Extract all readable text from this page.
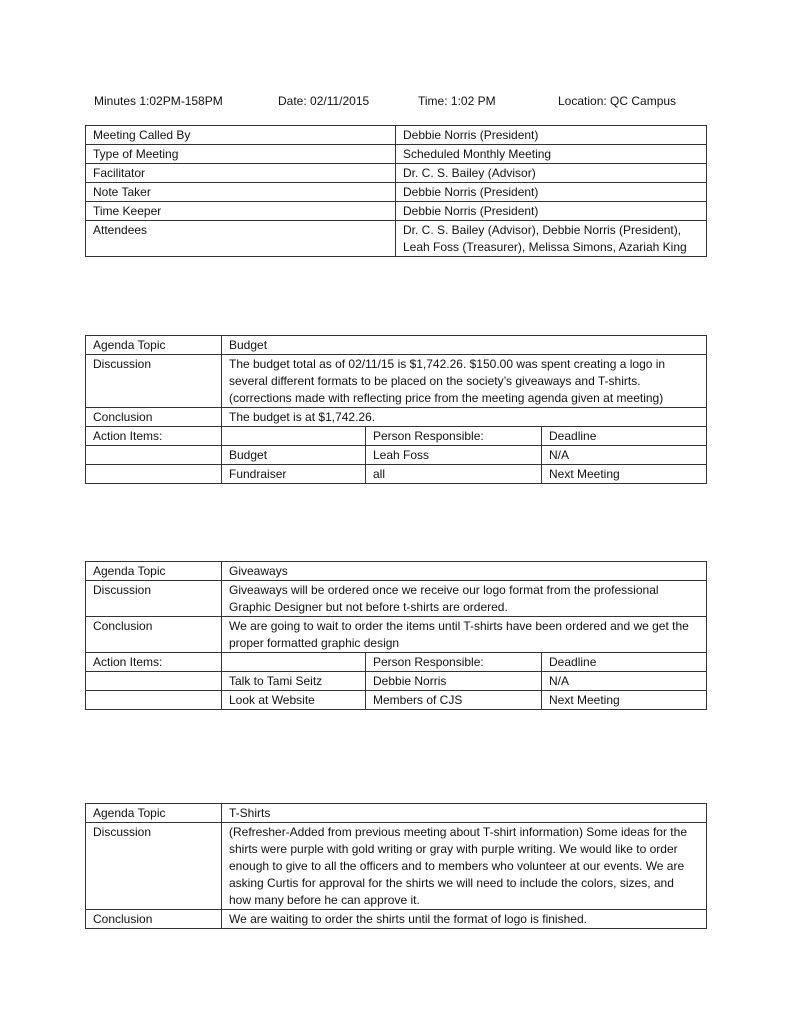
Minutes 1:02PM-158PM	Date: 02/11/2015	Time: 1:02 PM	Location: QC Campus
Meeting Called By	Debbie Norris (President)
Type of Meeting	Scheduled Monthly Meeting
Facilitator	Dr. C. S. Bailey (Advisor)
Note Taker	Debbie Norris (President)
Time Keeper	Debbie Norris (President)
Attendees	Dr. C. S. Bailey (Advisor), Debbie Norris (President), Leah Foss (Treasurer), Melissa Simons, Azariah King
Agenda Topic	Budget		
Discussion	The budget total as of 02/11/15 is $1,742.26. $150.00 was spent creating a logo in several different formats to be placed on the society’s giveaways and T-shirts. (corrections made with reflecting price from the meeting agenda given at meeting)		
Conclusion	The budget is at $1,742.26.		
Action Items:		Person Responsible:	Deadline
	Budget	Leah Foss	N/A
	Fundraiser	all	Next Meeting
Agenda Topic	Giveaways		
Discussion	Giveaways will be ordered once we receive our logo format from the professional Graphic Designer but not before t-shirts are ordered.		
Conclusion	We are going to wait to order the items until T-shirts have been ordered and we get the proper formatted graphic design		
Action Items:		Person Responsible:	Deadline
	Talk to Tami Seitz	Debbie Norris	N/A
	Look at Website	Members of CJS	Next Meeting
Agenda Topic	T-Shirts
Discussion	(Refresher-Added from previous meeting about T-shirt information) Some ideas for the shirts were purple with gold writing or gray with purple writing. We would like to order enough to give to all the officers and to members who volunteer at our events. We are asking Curtis for approval for the shirts we will need to include the colors, sizes, and how many before he can approve it.
Conclusion	We are waiting to order the shirts until the format of logo is finished.
